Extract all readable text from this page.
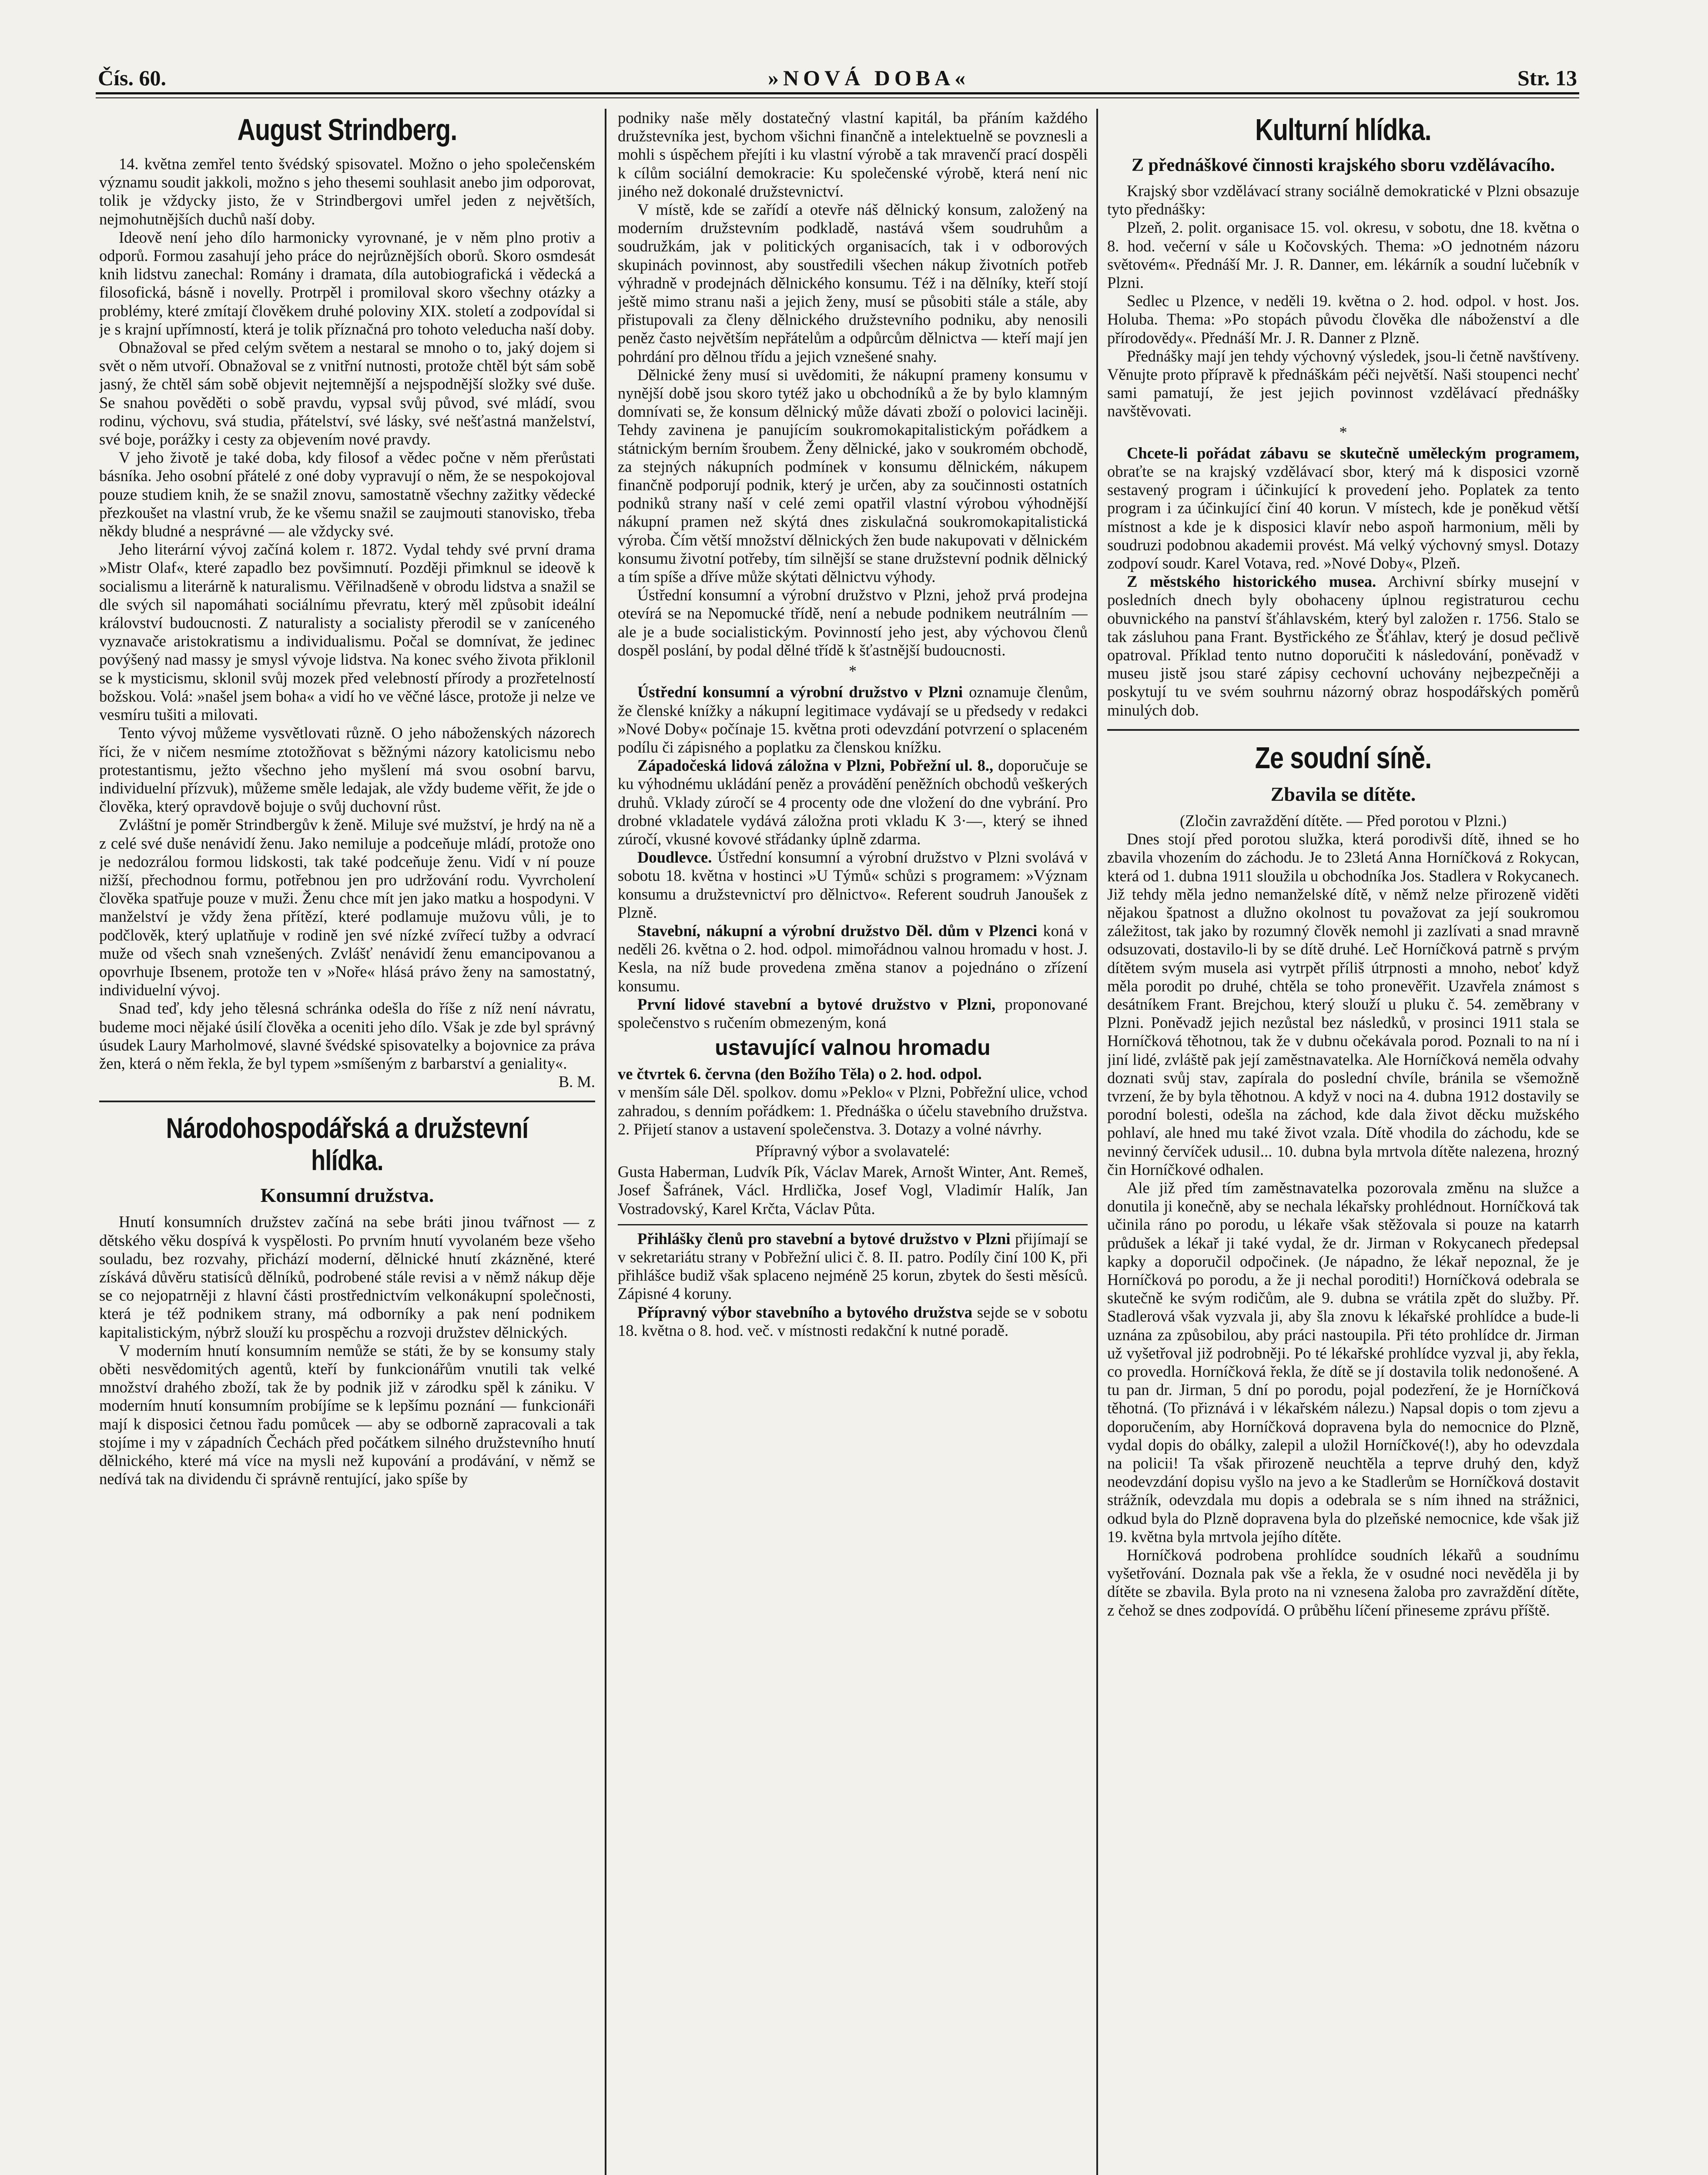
Čís. 60.	»NOVÁ DOBA«	Str. 13
August Strindberg.

14. května zemřel tento švédský spisovatel. Možno o jeho společenském významu soudit jakkoli, možno s jeho thesemi souhlasit anebo jim odporovat, tolik je vždycky jisto, že v Strindbergovi umřel jeden z největších, nejmohutnějších duchů naší doby.

Ideově není jeho dílo harmonicky vyrovnané, je v něm plno protiv a odporů. Formou zasahují jeho práce do nejrůznějších oborů. Skoro osmdesát knih lidstvu zanechal: Romány i dramata, díla autobiografická i vědecká a filosofická, básně i novelly. Protrpěl i promiloval skoro všechny otázky a problémy, které zmítají člověkem druhé poloviny XIX. století a zodpovídal si je s krajní upřímností, která je tolik příznačná pro tohoto veleducha naší doby.

Obnažoval se před celým světem a nestaral se mnoho o to, jaký dojem si svět o něm utvoří. Obnažoval se z vnitřní nutnosti, protože chtěl být sám sobě jasný, že chtěl sám sobě objevit nejtemnější a nejspodnější složky své duše. Se snahou pověděti o sobě pravdu, vypsal svůj původ, své mládí, svou rodinu, výchovu, svá studia, přátelství, své lásky, své nešťastná manželství, své boje, porážky i cesty za objevením nové pravdy.

V jeho životě je také doba, kdy filosof a vědec počne v něm přerůstati básníka. Jeho osobní přátelé z oné doby vypravují o něm, že se nespokojoval pouze studiem knih, že se snažil znovu, samostatně všechny zažitky vědecké přezkoušet na vlastní vrub, že ke všemu snažil se zaujmouti stanovisko, třeba někdy bludné a nesprávné — ale vždycky své.

Jeho literární vývoj začíná kolem r. 1872. Vydal tehdy své první drama »Mistr Olaf«, které zapadlo bez povšimnutí. Později přimknul se ideově k socialismu a literárně k naturalismu. Věřilnadšeně v obrodu lidstva a snažil se dle svých sil napomáhati sociálnímu převratu, který měl způsobit ideální království budoucnosti. Z naturalisty a socialisty přerodil se v zaníceného vyznavače aristokratismu a individualismu. Počal se domnívat, že jedinec povýšený nad massy je smysl vývoje lidstva. Na konec svého života přiklonil se k mysticismu, sklonil svůj mozek před velebností přírody a prozřetelností božskou. Volá: »našel jsem boha« a vidí ho ve věčné lásce, protože ji nelze ve vesmíru tušiti a milovati.

Tento vývoj můžeme vysvětlovati různě. O jeho náboženských názorech říci, že v ničem nesmíme ztotožňovat s běžnými názory katolicismu nebo protestantismu, ježto všechno jeho myšlení má svou osobní barvu, individuelní přízvuk), můžeme směle ledajak, ale vždy budeme věřit, že jde o člověka, který opravdově bojuje o svůj duchovní růst.

Zvláštní je poměr Strindbergův k ženě. Miluje své mužství, je hrdý na ně a z celé své duše nenávidí ženu. Jako nemiluje a podceňuje mládí, protože ono je nedozrálou formou lidskosti, tak také podceňuje ženu. Vidí v ní pouze nižší, přechodnou formu, potřebnou jen pro udržování rodu. Vyvrcholení člověka spatřuje pouze v muži. Ženu chce mít jen jako matku a hospodyni. V manželství je vždy žena přítězí, které podlamuje mužovu vůli, je to podčlověk, který uplatňuje v rodině jen své nízké zvířecí tužby a odvrací muže od všech snah vznešených. Zvlášť nenávidí ženu emancipovanou a opovrhuje Ibsenem, protože ten v »Noře« hlásá právo ženy na samostatný, individuelní vývoj.

Snad teď, kdy jeho tělesná schránka odešla do říše z níž není návratu, budeme moci nějaké úsilí člověka a oceniti jeho dílo. Však je zde byl správný úsudek Laury Marholmové, slavné švédské spisovatelky a bojovnice za práva žen, která o něm řekla, že byl typem »smíšeným z barbarství a geniality«.

B. M.
Národohospodářská a družstevní hlídka.
Konsumní družstva.

Hnutí konsumních družstev začíná na sebe bráti jinou tvářnost — z dětského věku dospívá k vyspělosti. Po prvním hnutí vyvolaném beze všeho souladu, bez rozvahy, přichází moderní, dělnické hnutí zkázněné, které získává důvěru statisíců dělníků, podrobené stále revisi a v němž nákup děje se co nejopatrněji z hlavní části prostřednictvím velkonákupní společnosti, která je též podnikem strany, má odborníky a pak není podnikem kapitalistickým, nýbrž slouží ku prospěchu a rozvoji družstev dělnických.

V moderním hnutí konsumním nemůže se státi, že by se konsumy staly oběti nesvědomitých agentů, kteří by funkcionářům vnutili tak velké množství drahého zboží, tak že by podnik již v zárodku spěl k zániku. V moderním hnutí konsumním probíjíme se k lepšímu poznání — funkcionáři mají k disposici četnou řadu pomůcek — aby se odborně zapracovali a tak stojíme i my v západních Čechách před počátkem silného družstevního hnutí dělnického, které má více na mysli než kupování a prodávání, v němž se nedívá tak na dividendu či správně rentující, jako spíše by

podniky naše měly dostatečný vlastní kapitál, ba přáním každého družstevníka jest, bychom všichni finančně a intelektuelně se povznesli a mohli s úspěchem přejíti i ku vlastní výrobě a tak mravenčí prací dospěli k cílům sociální demokracie: Ku společenské výrobě, která není nic jiného než dokonalé družstevnictví.

V místě, kde se zařídí a otevře náš dělnický konsum, založený na moderním družstevním podkladě, nastává všem soudruhům a soudružkám, jak v politických organisacích, tak i v odborových skupinách povinnost, aby soustředili všechen nákup životních potřeb výhradně v prodejnách dělnického konsumu. Též i na dělníky, kteří stojí ještě mimo stranu naši a jejich ženy, musí se působiti stále a stále, aby přistupovali za členy dělnického družstevního podniku, aby nenosili peněz často největším nepřátelům a odpůrcům dělnictva — kteří mají jen pohrdání pro dělnou třídu a jejich vznešené snahy.

Dělnické ženy musí si uvědomiti, že nákupní prameny konsumu v nynější době jsou skoro tytéž jako u obchodníků a že by bylo klamným domnívati se, že konsum dělnický může dávati zboží o polovici laciněji. Tehdy zavinena je panujícím soukromokapitalistickým pořádkem a státnickým berním šroubem. Ženy dělnické, jako v soukromém obchodě, za stejných nákupních podmínek v konsumu dělnickém, nákupem finančně podporují podnik, který je určen, aby za součinnosti ostatních podniků strany naší v celé zemi opatřil vlastní výrobou výhodnější nákupní pramen než skýtá dnes ziskulačná soukromokapitalistická výroba. Čím větší množství dělnických žen bude nakupovati v dělnickém konsumu životní potřeby, tím silnější se stane družstevní podnik dělnický a tím spíše a dříve může skýtati dělnictvu výhody.

Ústřední konsumní a výrobní družstvo v Plzni, jehož prvá prodejna otevírá se na Nepomucké třídě, není a nebude podnikem neutrálním — ale je a bude socialistickým. Povinností jeho jest, aby výchovou členů dospěl poslání, by podal dělné třídě k šťastnější budoucnosti.

*

Ústřední konsumní a výrobní družstvo v Plzni oznamuje členům, že členské knížky a nákupní legitimace vydávají se u předsedy v redakci »Nové Doby« počínaje 15. května proti odevzdání potvrzení o splaceném podílu či zápisného a poplatku za členskou knížku.

Západočeská lidová záložna v Plzni, Pobřežní ul. 8., doporučuje se ku výhodnému ukládání peněz a provádění peněžních obchodů veškerých druhů. Vklady zúročí se 4 procenty ode dne vložení do dne vybrání. Pro drobné vkladatele vydává záložna proti vkladu K 3·—, který se ihned zúročí, vkusné kovové střádanky úplně zdarma.

Doudlevce. Ústřední konsumní a výrobní družstvo v Plzni svolává v sobotu 18. května v hostinci »U Týmů« schůzi s programem: »Význam konsumu a družstevnictví pro dělnictvo«. Referent soudruh Janoušek z Plzně.

Stavební, nákupní a výrobní družstvo Děl. dům v Plzenci koná v neděli 26. května o 2. hod. odpol. mimořádnou valnou hromadu v host. J. Kesla, na níž bude provedena změna stanov a pojednáno o zřízení konsumu.

První lidové stavební a bytové družstvo v Plzni, proponované společenstvo s ručením obmezeným, koná

ustavující valnou hromadu

ve čtvrtek 6. června (den Božího Těla) o 2. hod. odpol.

v menším sále Děl. spolkov. domu »Peklo« v Plzni, Pobřežní ulice, vchod zahradou, s denním pořádkem: 1. Přednáška o účelu stavebního družstva. 2. Přijetí stanov a ustavení společenstva. 3. Dotazy a volné návrhy.

Přípravný výbor a svolavatelé:

Gusta Haberman, Ludvík Pík, Václav Marek, Arnošt Winter, Ant. Remeš, Josef Šafránek, Václ. Hrdlička, Josef Vogl, Vladimír Halík, Jan Vostradovský, Karel Krčta, Václav Půta.

Přihlášky členů pro stavební a bytové družstvo v Plzni přijímají se v sekretariátu strany v Pobřežní ulici č. 8. II. patro. Podíly činí 100 K, při přihlášce budiž však splaceno nejméně 25 korun, zbytek do šesti měsíců. Zápisné 4 koruny.

Přípravný výbor stavebního a bytového družstva sejde se v sobotu 18. května o 8. hod. več. v místnosti redakční k nutné poradě.

Kulturní hlídka.
Z přednáškové činnosti krajského sboru vzdělávacího.

Krajský sbor vzdělávací strany sociálně demokratické v Plzni obsazuje tyto přednášky:

Plzeň, 2. polit. organisace 15. vol. okresu, v sobotu, dne 18. května o 8. hod. večerní v sále u Kočovských. Thema: »O jednotném názoru světovém«. Přednáší Mr. J. R. Danner, em. lékárník a soudní lučebník v Plzni.

Sedlec u Plzence, v neděli 19. května o 2. hod. odpol. v host. Jos. Holuba. Thema: »Po stopách původu člověka dle náboženství a dle přírodovědy«. Přednáší Mr. J. R. Danner z Plzně.

Přednášky mají jen tehdy výchovný výsledek, jsou-li četně navštíveny. Věnujte proto přípravě k přednáškám péči největší. Naši stoupenci nechť sami pamatují, že jest jejich povinnost vzdělávací přednášky navštěvovati.

*

Chcete-li pořádat zábavu se skutečně uměleckým programem, obraťte se na krajský vzdělávací sbor, který má k disposici vzorně sestavený program i účinkující k provedení jeho. Poplatek za tento program i za účinkující činí 40 korun. V místech, kde je poněkud větší místnost a kde je k disposici klavír nebo aspoň harmonium, měli by soudruzi podobnou akademii provést. Má velký výchovný smysl. Dotazy zodpoví soudr. Karel Votava, red. »Nové Doby«, Plzeň.

Z městského historického musea. Archivní sbírky musejní v posledních dnech byly obohaceny úplnou registraturou cechu obuvnického na panství šťáhlavském, který byl založen r. 1756. Stalo se tak zásluhou pana Frant. Bystřického ze Šťáhlav, který je dosud pečlivě opatroval. Příklad tento nutno doporučiti k následování, poněvadž v museu jistě jsou staré zápisy cechovní uchovány nejbezpečněji a poskytují tu ve svém souhrnu názorný obraz hospodářských poměrů minulých dob.

Ze soudní síně.
Zbavila se dítěte.

(Zločin zavraždění dítěte. — Před porotou v Plzni.)

Dnes stojí před porotou služka, která porodivši dítě, ihned se ho zbavila vhozením do záchodu. Je to 23letá Anna Horníčková z Rokycan, která od 1. dubna 1911 sloužila u obchodníka Jos. Stadlera v Rokycanech. Již tehdy měla jedno nemanželské dítě, v němž nelze přirozeně viděti nějakou špatnost a dlužno okolnost tu považovat za její soukromou záležitost, tak jako by rozumný člověk nemohl ji zazlívati a snad mravně odsuzovati, dostavilo-li by se dítě druhé. Leč Horníčková patrně s prvým dítětem svým musela asi vytrpět příliš útrpnosti a mnoho, neboť když měla porodit po druhé, chtěla se toho pronevěřit. Uzavřela známost s desátníkem Frant. Brejchou, který slouží u pluku č. 54. zeměbrany v Plzni. Poněvadž jejich nezůstal bez následků, v prosinci 1911 stala se Horníčková těhotnou, tak že v dubnu očekávala porod. Poznali to na ní i jiní lidé, zvláště pak její zaměstnavatelka. Ale Horníčková neměla odvahy doznati svůj stav, zapírala do poslední chvíle, bránila se všemožně tvrzení, že by byla těhotnou. A když v noci na 4. dubna 1912 dostavily se porodní bolesti, odešla na záchod, kde dala život děcku mužského pohlaví, ale hned mu také život vzala. Dítě vhodila do záchodu, kde se nevinný červíček udusil... 10. dubna byla mrtvola dítěte nalezena, hrozný čin Horníčkové odhalen.

Ale již před tím zaměstnavatelka pozorovala změnu na služce a donutila ji konečně, aby se nechala lékařsky prohlédnout. Horníčková tak učinila ráno po porodu, u lékaře však stěžovala si pouze na katarrh průdušek a lékař ji také vydal, že dr. Jirman v Rokycanech předepsal kapky a doporučil odpočinek. (Je nápadno, že lékař nepoznal, že je Horníčková po porodu, a že ji nechal poroditi!) Horníčková odebrala se skutečně ke svým rodičům, ale 9. dubna se vrátila zpět do služby. Př. Stadlerová však vyzvala ji, aby šla znovu k lékařské prohlídce a bude-li uznána za způsobilou, aby práci nastoupila. Při této prohlídce dr. Jirman už vyšetřoval již podrobněji. Po té lékařské prohlídce vyzval ji, aby řekla, co provedla. Horníčková řekla, že dítě se jí dostavila tolik nedonošené. A tu pan dr. Jirman, 5 dní po porodu, pojal podezření, že je Horníčková těhotná. (To přiznává i v lékařském nálezu.) Napsal dopis o tom zjevu a doporučením, aby Horníčková dopravena byla do nemocnice do Plzně, vydal dopis do obálky, zalepil a uložil Horníčkové(!), aby ho odevzdala na policii! Ta však přirozeně neuchtěla a teprve druhý den, když neodevzdání dopisu vyšlo na jevo a ke Stadlerům se Horníčková dostavit strážník, odevzdala mu dopis a odebrala se s ním ihned na strážnici, odkud byla do Plzně dopravena byla do plzeňské nemocnice, kde však již 19. května byla mrtvola jejího dítěte.

Horníčková podrobena prohlídce soudních lékařů a soudnímu vyšetřování. Doznala pak vše a řekla, že v osudné noci nevěděla ji by dítěte se zbavila. Byla proto na ni vznesena žaloba pro zavraždění dítěte, z čehož se dnes zodpovídá. O průběhu líčení přineseme zprávu příště.
